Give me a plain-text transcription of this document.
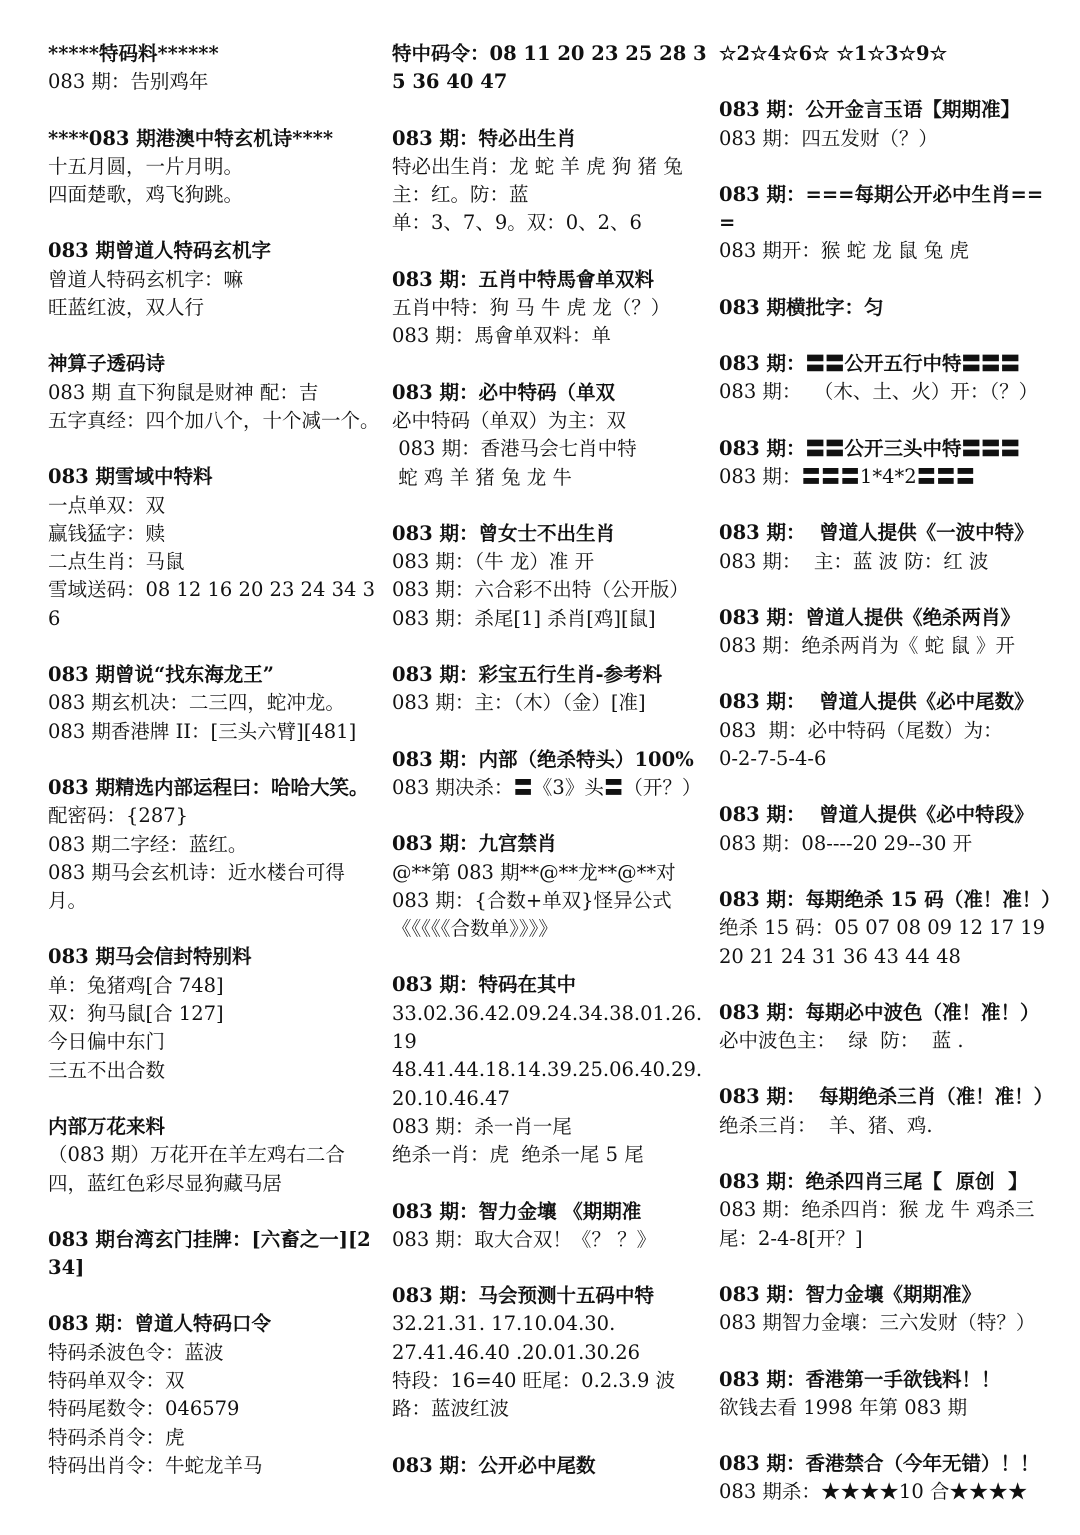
*****特码料******
083 期：告别鸡年
****083 期港澳中特玄机诗****
十五月圆，一片月明。
四面楚歌，鸡飞狗跳。
083 期曾道人特码玄机字
曾道人特码玄机字：嘛
旺蓝红波，双人行
神算子透码诗
083 期 直下狗鼠是财神 配：吉
五字真经：四个加八个，十个减一个。
083 期雪域中特料
一点单双：双
赢钱猛字：赎
二点生肖：马鼠
雪域送码：08 12 16 20 23 24 34 36
083 期曾说“找东海龙王”
083 期玄机决：二三四，蛇冲龙。
083 期香港牌 II：[三头六臂][481]
083 期精选内部运程曰：哈哈大笑。
配密码：{287}
083 期二字经：蓝红。
083 期马会玄机诗：近水楼台可得月。
083 期马会信封特别料
单：兔猪鸡[合 748]
双：狗马鼠[合 127]
今日偏中东门
三五不出合数
内部万花来料
（083 期）万花开在羊左鸡右二合四，蓝红色彩尽显狗藏马居
083 期台湾玄门挂牌：[六畜之一][234]
083 期：曾道人特码口令
特码杀波色令：蓝波
特码单双令：双
特码尾数令：046579
特码杀肖令：虎
特码出肖令：牛蛇龙羊马
特中码令：08 11 20 23 25 28 35 36 40 47
083 期：特必出生肖
特必出生肖：龙 蛇 羊 虎 狗 猪 兔
主：红。防：蓝
单：3、7、9。双：0、2、6
083 期：五肖中特馬會单双料
五肖中特：狗 马 牛 虎 龙（？）
083 期：馬會单双料：单
083 期：必中特码（单双
必中特码（单双）为主：双
083 期：香港马会七肖中特
蛇 鸡 羊 猪 兔 龙 牛
083 期：曾女士不出生肖
083 期：（牛 龙）准 开
083 期：六合彩不出特（公开版）
083 期：杀尾[1] 杀肖[鸡][鼠]
083 期：彩宝五行生肖-参考料
083 期：主：（木）（金）[准]
083 期：内部（绝杀特头）100%
083 期决杀：〓《3》头〓（开？）
083 期：九宫禁肖
@**第 083 期**@**龙**@**对
083 期：{合数+单双}怪异公式
《《《《《合数单》》》》
083 期：特码在其中
33.02.36.42.09.24.34.38.01.26.19
48.41.44.18.14.39.25.06.40.29.20.10.46.47
083 期：杀一肖一尾
绝杀一肖：虎  绝杀一尾 5 尾
083 期：智力金壤 《期期准
083 期：取大合双！《？ ？》
083 期：马会预测十五码中特
32.21.31. 17.10.04.30.
27.41.46.40 .20.01.30.26
特段：16=40 旺尾：0.2.3.9 波路：蓝波红波
083 期：公开必中尾数
☆2☆4☆6☆ ☆1☆3☆9☆
083 期：公开金言玉语【期期准】
083 期：四五发财（？）
083 期：===每期公开必中生肖===
083 期开：猴 蛇 龙 鼠 兔 虎
083 期横批字：匀
083 期：〓〓公开五行中特〓〓〓
083 期：  （木、土、火）开：（？）
083 期：〓〓公开三头中特〓〓〓
083 期：〓〓〓1*4*2〓〓〓
083 期：  曾道人提供《一波中特》
083 期：  主：蓝 波 防：红 波
083 期：曾道人提供《绝杀两肖》
083 期：绝杀两肖为《 蛇 鼠 》开
083 期：  曾道人提供《必中尾数》
083  期：必中特码（尾数）为：
0-2-7-5-4-6
083 期：  曾道人提供《必中特段》
083 期：08----20 29--30 开
083 期：每期绝杀 15 码（准！准！）
绝杀 15 码：05 07 08 09 12 17 19 20 21 24 31 36 43 44 48
083 期：每期必中波色（准！准！）
必中波色主：  绿  防：  蓝 .
083 期：  每期绝杀三肖（准！准！）
绝杀三肖：  羊、猪、鸡.
083 期：绝杀四肖三尾【  原创  】
083 期：绝杀四肖：猴 龙 牛 鸡杀三尾：2-4-8[开？]
083 期：智力金壤《期期准》
083 期智力金壤：三六发财（特？）
083 期：香港第一手欲钱料！！
欲钱去看 1998 年第 083 期
083 期：香港禁合（今年无错）！！
083 期杀：★★★★10 合★★★★
